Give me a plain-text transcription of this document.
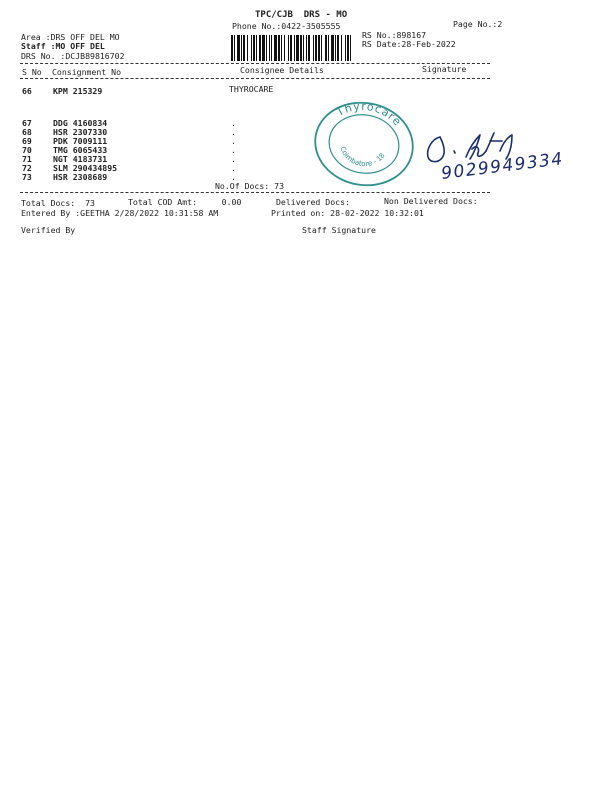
TPC/CJB  DRS - MO
Phone No.:0422-3505555	Page No.:2
Area :DRS OFF DEL MO
Staff :MO OFF DEL
DRS No. :DCJB89816702
RS No.:898167
RS Date:28-Feb-2022
S No Consignment No	Consignee Details	Signature
66	KPM 215329	THYROCARE
67	DDG 4160834	.
68	HSR 2307330	.
69	PDK 7009111	.
70	TMG 6065433	.
71	NGT 4183731	.
72	SLM 290434895	.
73	HSR 2308689	.
No.Of Docs: 73
Total Docs:  73	Total COD Amt:     0.00	Delivered Docs:	Non Delivered Docs:
Entered By :GEETHA 2/28/2022 10:31:58 AM	Printed on: 28-02-2022 10:32:01
Verified By	Staff Signature
Thyrocare
Coimbatore - 18	9029949334
